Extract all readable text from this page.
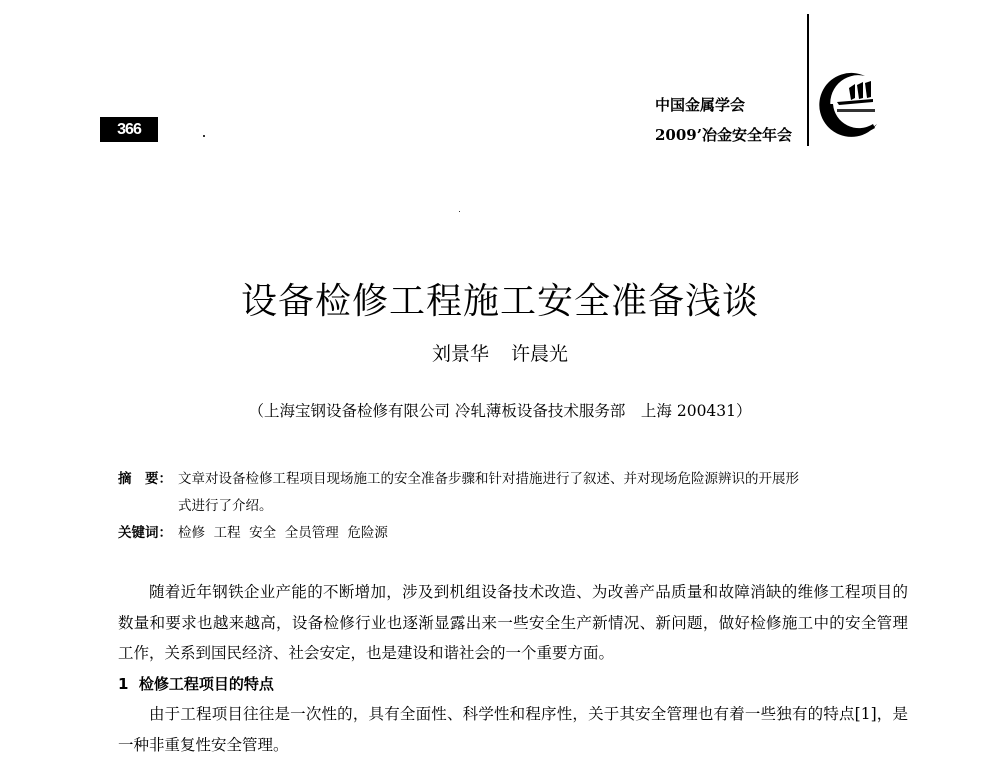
366
中国金属学会
2009’冶金安全年会
设备检修工程施工安全准备浅谈
刘景华 许晨光
（上海宝钢设备检修有限公司 冷轧薄板设备技术服务部　上海 200431）
摘　要： 文章对设备检修工程项目现场施工的安全准备步骤和针对措施进行了叙述、并对现场危险源辨识的开展形
式进行了介绍。
关键词： 检修  工程  安全  全员管理  危险源

随着近年钢铁企业产能的不断增加，涉及到机组设备技术改造、为改善产品质量和故障消缺的维修工程项目的数量和要求也越来越高，设备检修行业也逐渐显露出来一些安全生产新情况、新问题，做好检修施工中的安全管理工作，关系到国民经济、社会安定，也是建设和谐社会的一个重要方面。

1  检修工程项目的特点

由于工程项目往往是一次性的，具有全面性、科学性和程序性，关于其安全管理也有着一些独有的特点[1]，是一种非重复性安全管理。
